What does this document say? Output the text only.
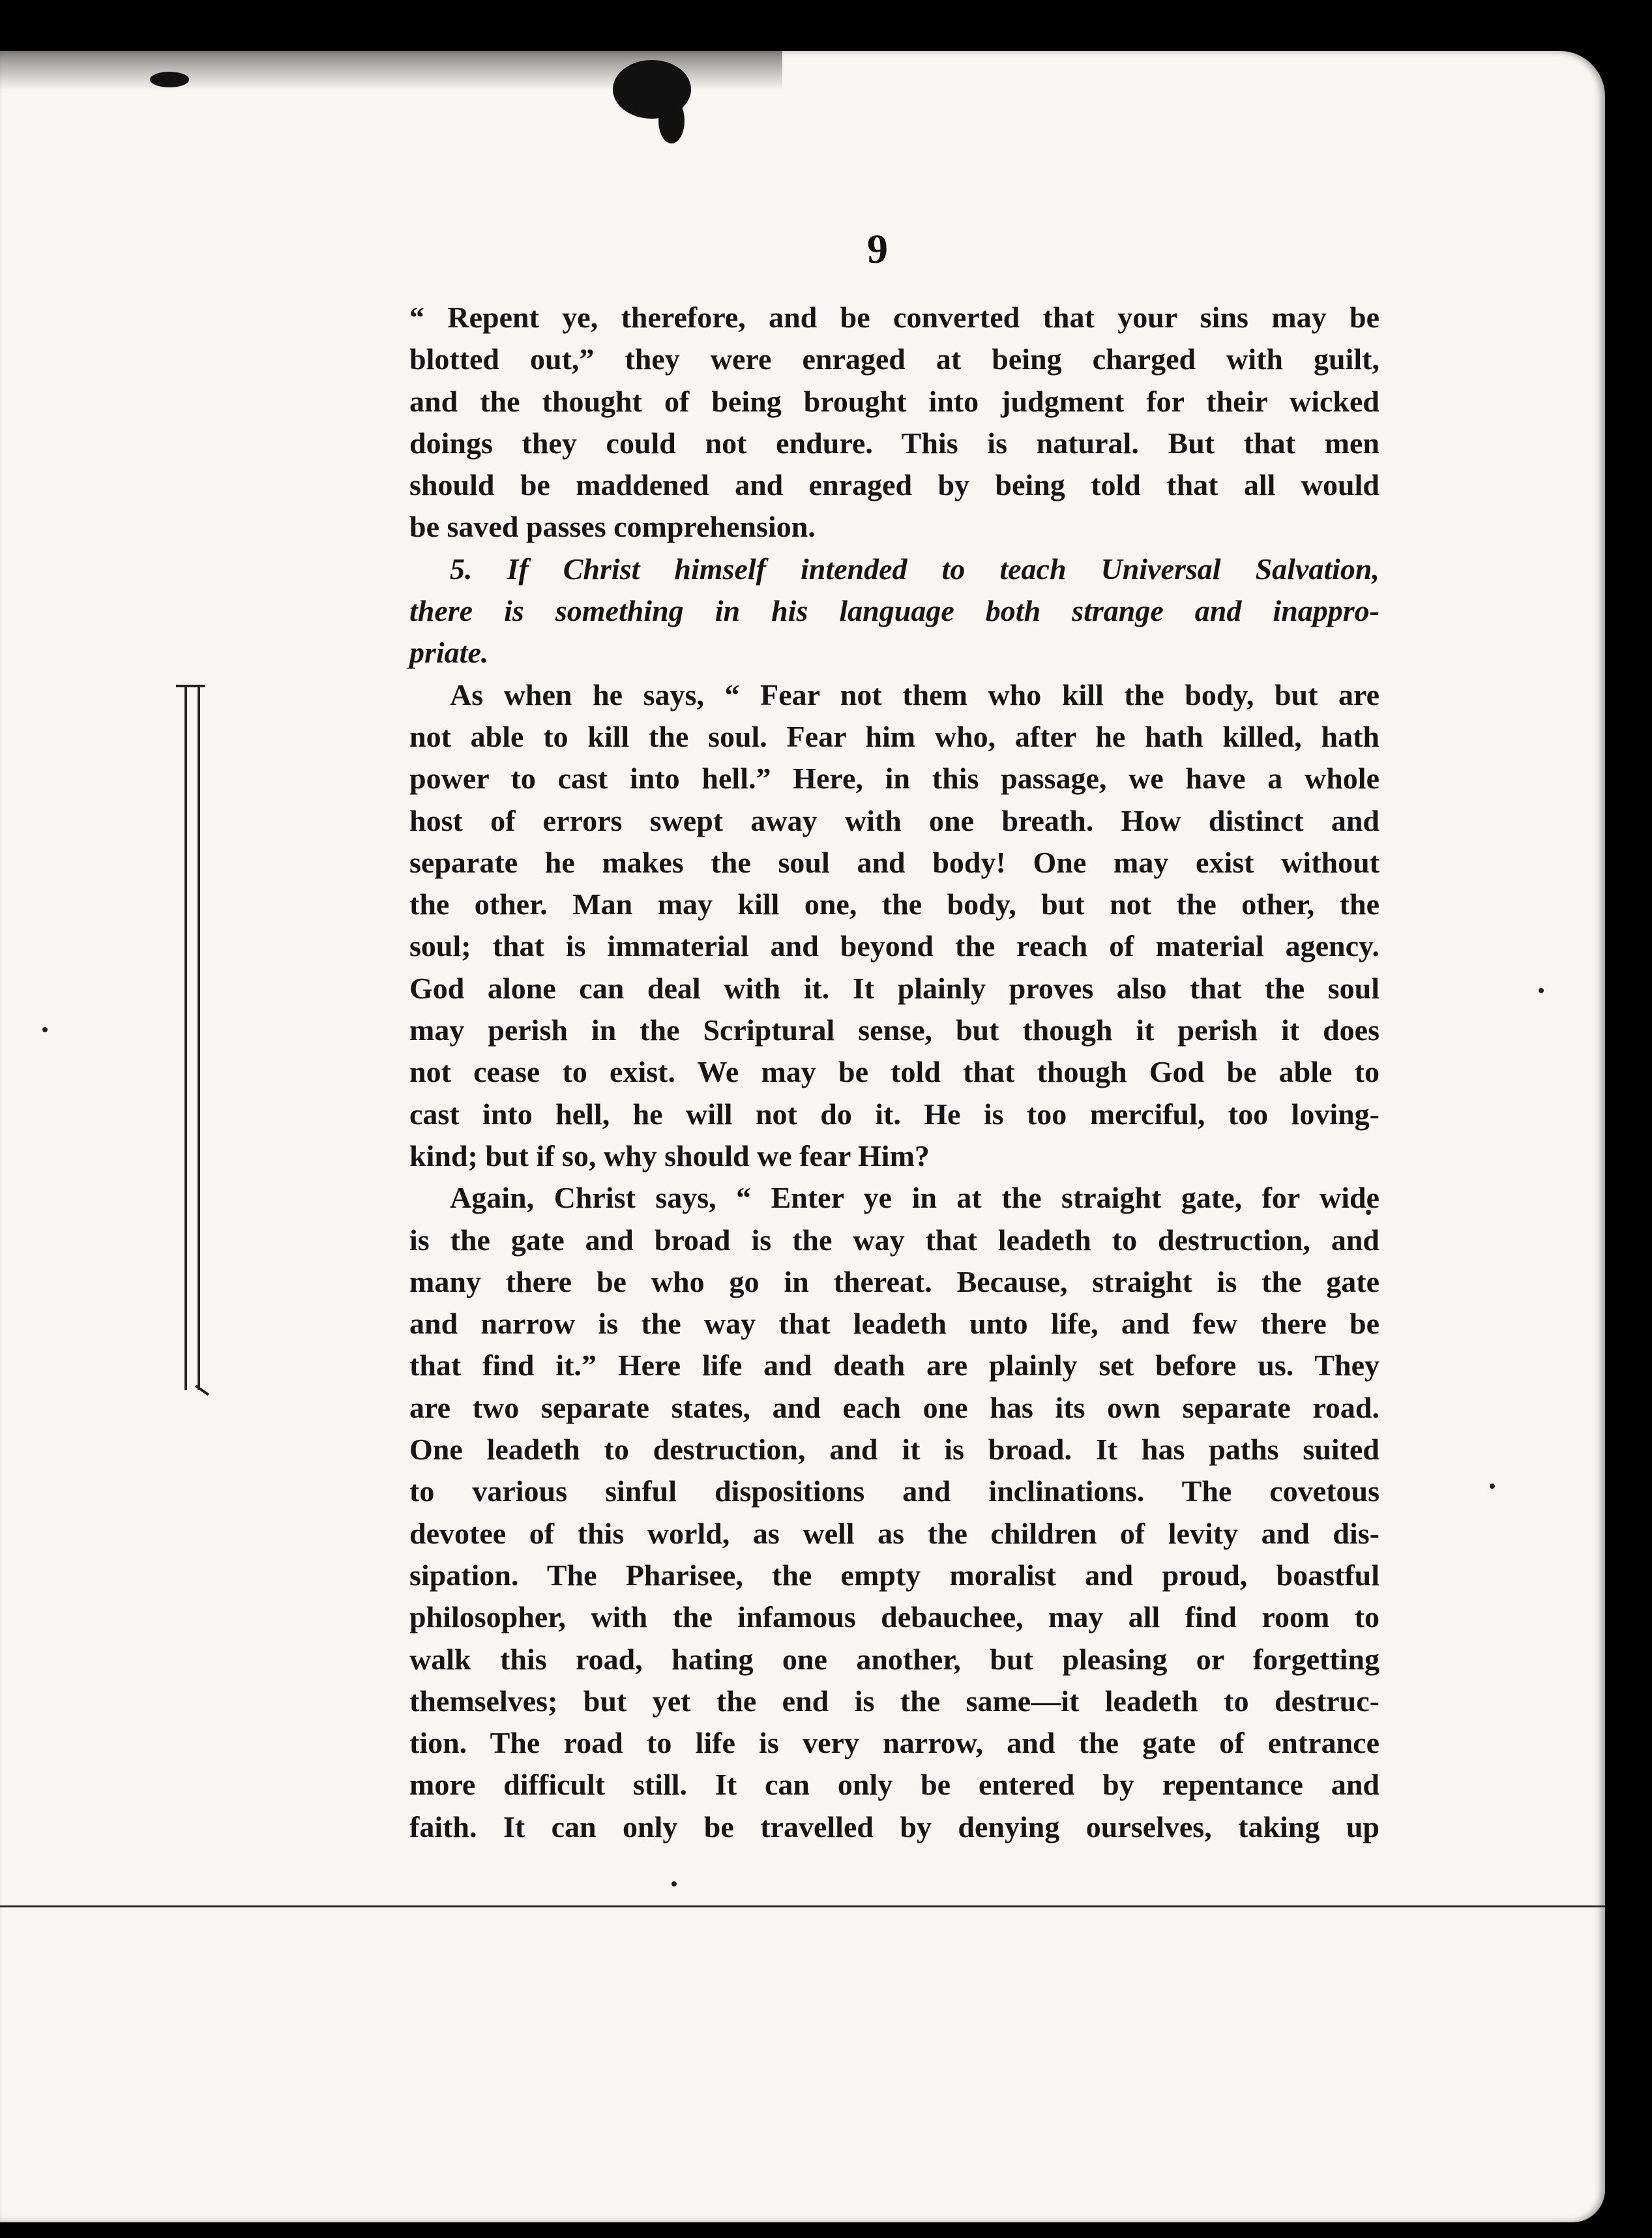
9
“ Repent ye, therefore, and be converted that your sins may be
blotted out,” they were enraged at being charged with guilt,
and the thought of being brought into judgment for their wicked
doings they could not endure. This is natural. But that men
should be maddened and enraged by being told that all would
be saved passes comprehension.
5. If Christ himself intended to teach Universal Salvation,
there is something in his language both strange and inappro-
priate.
As when he says, “ Fear not them who kill the body, but are
not able to kill the soul. Fear him who, after he hath killed, hath
power to cast into hell.” Here, in this passage, we have a whole
host of errors swept away with one breath. How distinct and
separate he makes the soul and body! One may exist without
the other. Man may kill one, the body, but not the other, the
soul; that is immaterial and beyond the reach of material agency.
God alone can deal with it. It plainly proves also that the soul
may perish in the Scriptural sense, but though it perish it does
not cease to exist. We may be told that though God be able to
cast into hell, he will not do it. He is too merciful, too loving-
kind; but if so, why should we fear Him?
Again, Christ says, “ Enter ye in at the straight gate, for wide
is the gate and broad is the way that leadeth to destruction, and
many there be who go in thereat. Because, straight is the gate
and narrow is the way that leadeth unto life, and few there be
that find it.” Here life and death are plainly set before us. They
are two separate states, and each one has its own separate road.
One leadeth to destruction, and it is broad. It has paths suited
to various sinful dispositions and inclinations. The covetous
devotee of this world, as well as the children of levity and dis-
sipation. The Pharisee, the empty moralist and proud, boastful
philosopher, with the infamous debauchee, may all find room to
walk this road, hating one another, but pleasing or forgetting
themselves; but yet the end is the same—it leadeth to destruc-
tion. The road to life is very narrow, and the gate of entrance
more difficult still. It can only be entered by repentance and
faith. It can only be travelled by denying ourselves, taking up
